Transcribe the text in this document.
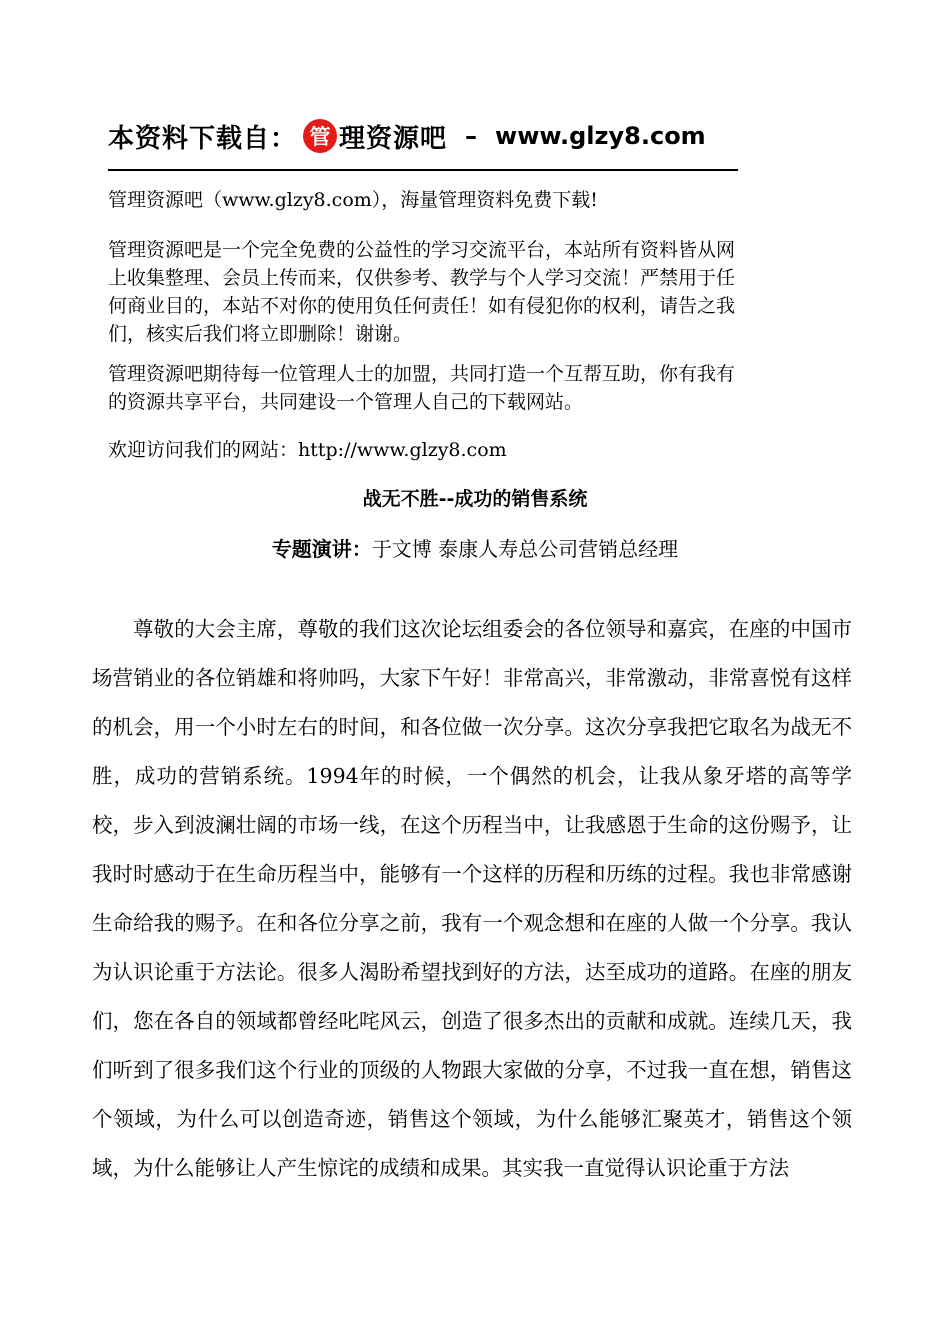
本资料下载自： 管 理资源吧 – www.glzy8.com
管理资源吧（www.glzy8.com），海量管理资料免费下载!
管理资源吧是一个完全免费的公益性的学习交流平台，本站所有资料皆从网上收集整理、会员上传而来，仅供参考、教学与个人学习交流！严禁用于任何商业目的，本站不对你的使用负任何责任！如有侵犯你的权利，请告之我们，核实后我们将立即删除！谢谢。
管理资源吧期待每一位管理人士的加盟，共同打造一个互帮互助，你有我有的资源共享平台，共同建设一个管理人自己的下载网站。
欢迎访问我们的网站：http://www.glzy8.com
战无不胜--成功的销售系统
专题演讲：于文博 泰康人寿总公司营销总经理

尊敬的大会主席，尊敬的我们这次论坛组委会的各位领导和嘉宾，在座的中国市场营销业的各位销雄和将帅吗，大家下午好！非常高兴，非常激动，非常喜悦有这样的机会，用一个小时左右的时间，和各位做一次分享。这次分享我把它取名为战无不胜，成功的营销系统。1994年的时候，一个偶然的机会，让我从象牙塔的高等学校，步入到波澜壮阔的市场一线，在这个历程当中，让我感恩于生命的这份赐予，让我时时感动于在生命历程当中，能够有一个这样的历程和历练的过程。我也非常感谢生命给我的赐予。在和各位分享之前，我有一个观念想和在座的人做一个分享。我认为认识论重于方法论。很多人渴盼希望找到好的方法，达至成功的道路。在座的朋友们，您在各自的领域都曾经叱咤风云，创造了很多杰出的贡献和成就。连续几天，我们听到了很多我们这个行业的顶级的人物跟大家做的分享，不过我一直在想，销售这个领域，为什么可以创造奇迹，销售这个领域，为什么能够汇聚英才，销售这个领域，为什么能够让人产生惊诧的成绩和成果。其实我一直觉得认识论重于方法
